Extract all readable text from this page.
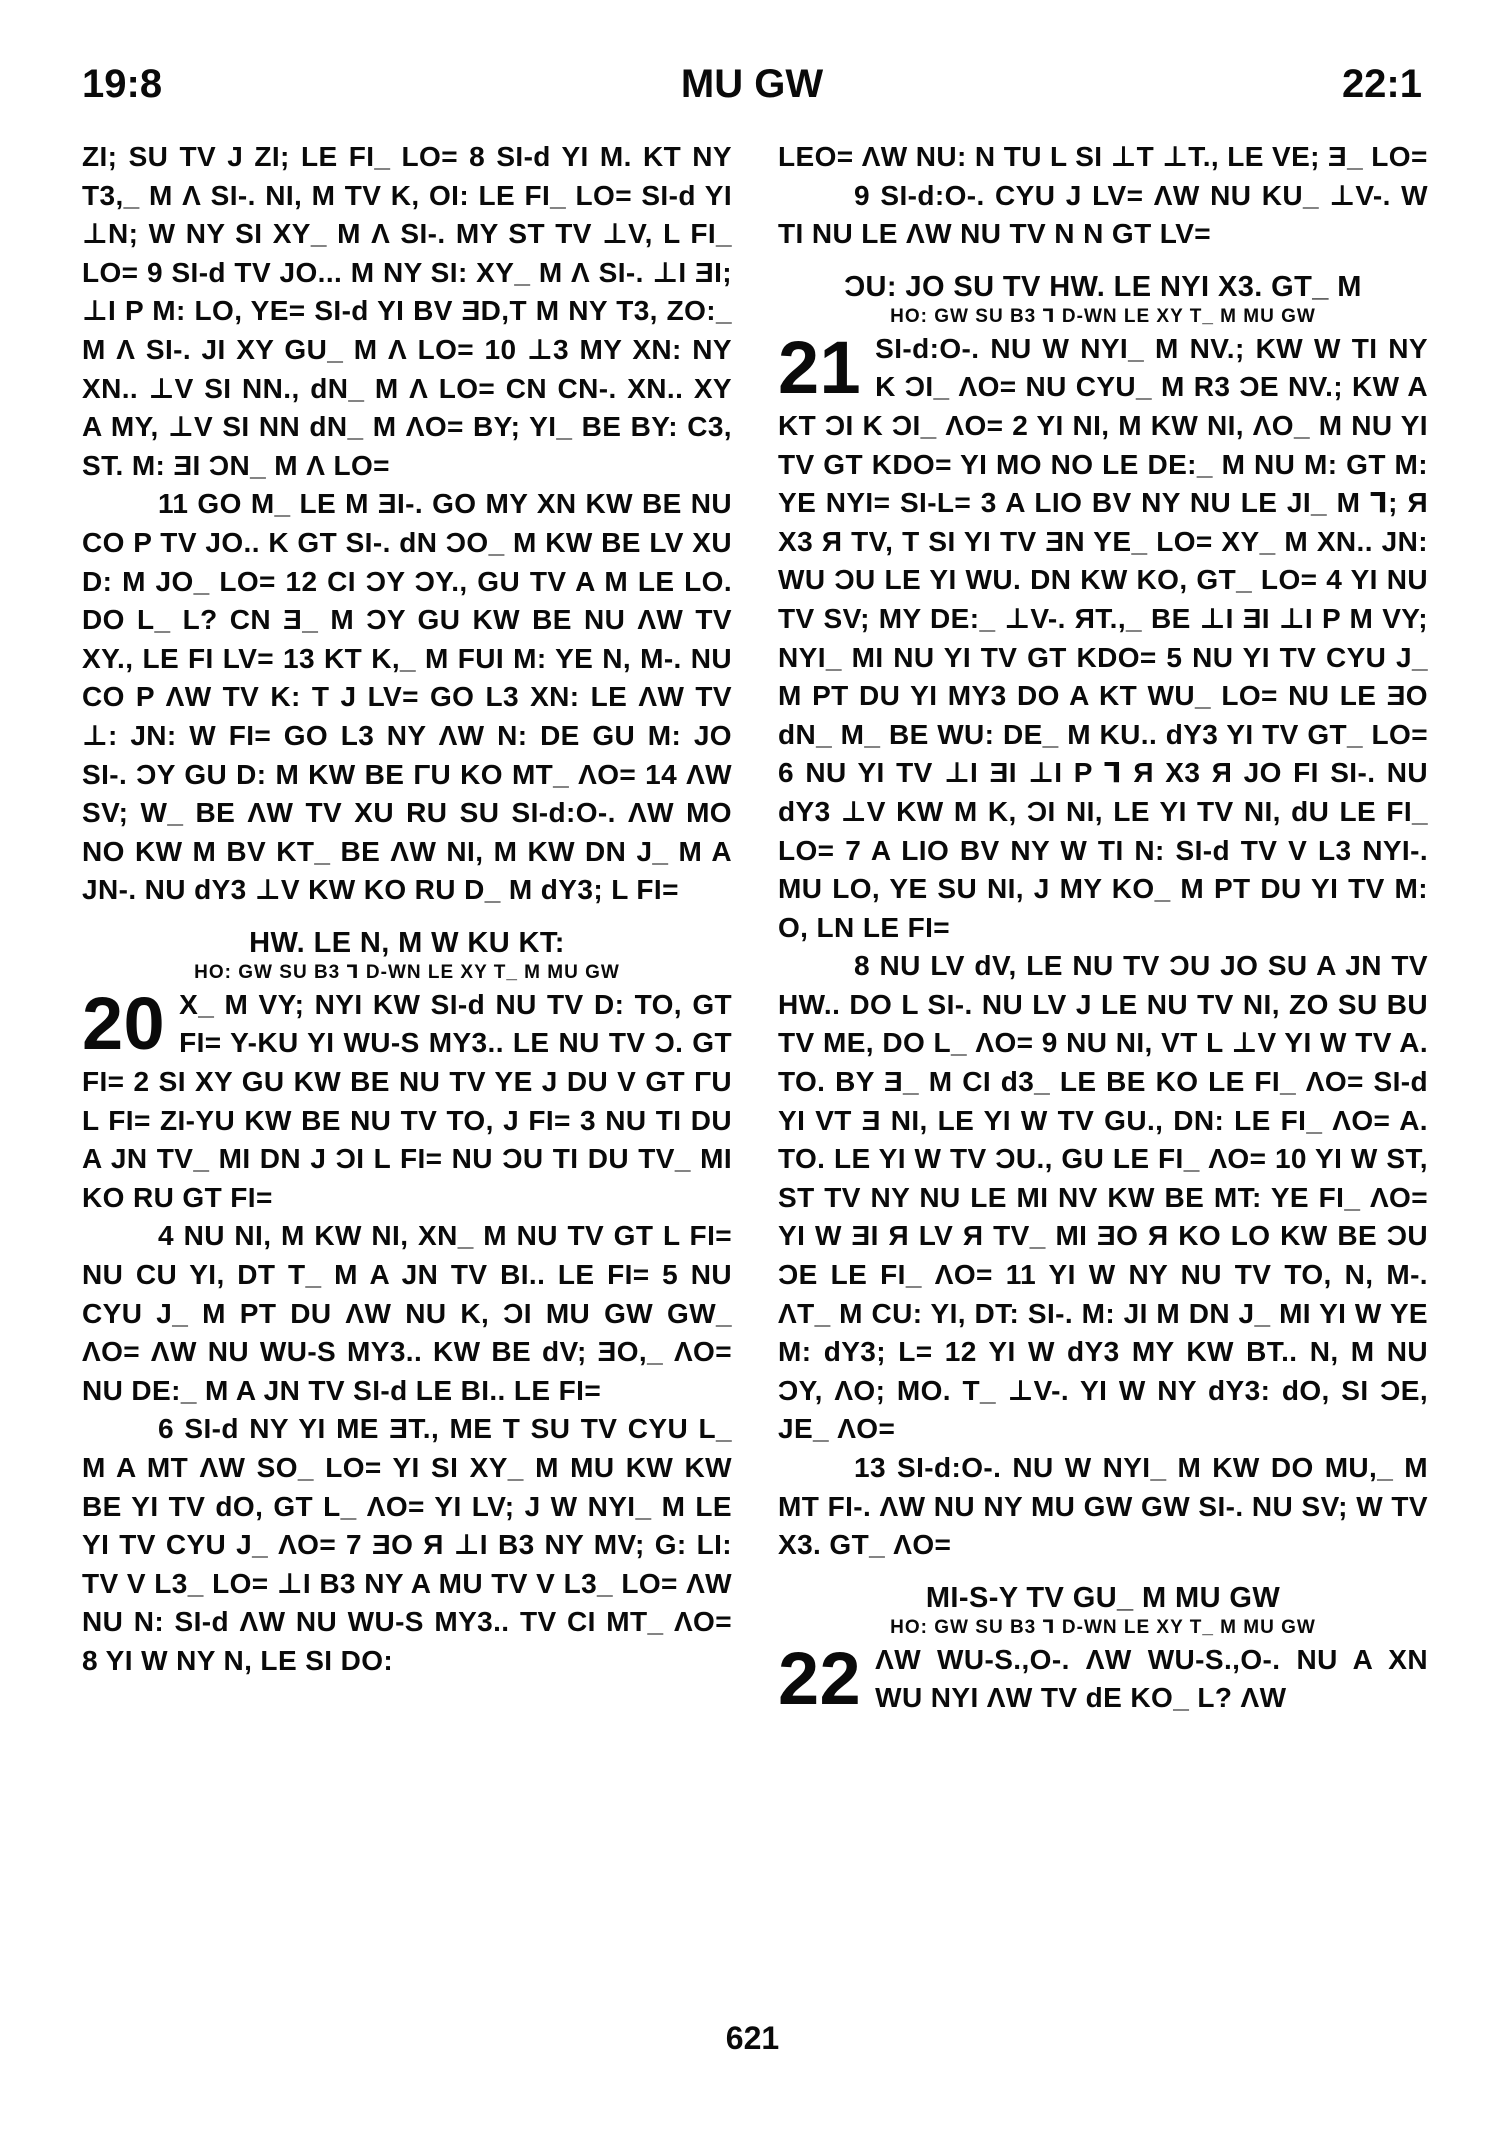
19:8	MU GW	22:1

ZI; SU TV J ZI; LE FI_ LO= 8 SI-d YI M. KT NY T3,_ M Λ SI-. NI, M TV K, OI: LE FI_ LO= SI-d YI ⊥N; W NY SI XY_ M Λ SI-. MY ST TV ⊥V, L FI_ LO= 9 SI-d TV JO... M NY SI: XY_ M Λ SI-. ⊥I ƎI; ⊥I P M: LO, YE= SI-d YI BV ƎD,T M NY T3, ZO:_ M Λ SI-. JI XY GU_ M Λ LO= 10 ⊥3 MY XN: NY XN.. ⊥V SI NN., dN_ M Λ LO= CN CN-. XN.. XY A MY, ⊥V SI NN dN_ M ΛO= BY; YI_ BE BY: C3, ST. M: ƎI ƆN_ M Λ LO=

11 GO M_ LE M ƎI-. GO MY XN KW BE NU CO P TV JO.. K GT SI-. dN ƆO_ M KW BE LV XU D: M JO_ LO= 12 CI ƆY ƆY., GU TV A M LE LO. DO L_ L? CN Ǝ_ M ƆY GU KW BE NU ΛW TV XY., LE FI LV= 13 KT K,_ M FUI M: YE N, M-. NU CO P ΛW TV K: T J LV= GO L3 XN: LE ΛW TV ⊥: JN: W FI= GO L3 NY ΛW N: DE GU M: JO SI-. ƆY GU D: M KW BE ΓU KO MT_ ΛO= 14 ΛW SV; W_ BE ΛW TV XU RU SU SI-d:O-. ΛW MO NO KW M BV KT_ BE ΛW NI, M KW DN J_ M A JN-. NU dY3 ⊥V KW KO RU D_ M dY3; L FI=

HW. LE N, M W KU KT:
HO: GW SU B3 Ꞁ D-WN LE XY T_ M MU GW
20 X_ M VY; NYI KW SI-d NU TV D: TO, GT FI= Y-KU YI WU-S MY3.. LE NU TV Ɔ. GT FI= 2 SI XY GU KW BE NU TV YE J DU V GT ΓU L FI= ZI-YU KW BE NU TV TO, J FI= 3 NU TI DU A JN TV_ MI DN J ƆI L FI= NU ƆU TI DU TV_ MI KO RU GT FI=

4 NU NI, M KW NI, XN_ M NU TV GT L FI= NU CU YI, DT T_ M A JN TV BI.. LE FI= 5 NU CYU J_ M PT DU ΛW NU K, ƆI MU GW GW_ ΛO= ΛW NU WU-S MY3.. KW BE dV; ƎO,_ ΛO= NU DE:_ M A JN TV SI-d LE BI.. LE FI=

6 SI-d NY YI ME ƎT., ME T SU TV CYU L_ M A MT ΛW SO_ LO= YI SI XY_ M MU KW KW BE YI TV dO, GT L_ ΛO= YI LV; J W NYI_ M LE YI TV CYU J_ ΛO= 7 ƎO Я ⊥I B3 NY MV; G: LI: TV V L3_ LO= ⊥I B3 NY A MU TV V L3_ LO= ΛW NU N: SI-d ΛW NU WU-S MY3.. TV CI MT_ ΛO= 8 YI W NY N, LE SI DO:

LEO= ΛW NU: N TU L SI ⊥T ⊥T., LE VE; Ǝ_ LO=

9 SI-d:O-. CYU J LV= ΛW NU KU_ ⊥V-. W TI NU LE ΛW NU TV N N GT LV=

ƆU: JO SU TV HW. LE NYI X3. GT_ M
HO: GW SU B3 Ꞁ D-WN LE XY T_ M MU GW
21 SI-d:O-. NU W NYI_ M NV.; KW W TI NY K ƆI_ ΛO= NU CYU_ M R3 ƆE NV.; KW A KT ƆI K ƆI_ ΛO= 2 YI NI, M KW NI, ΛO_ M NU YI TV GT KDO= YI MO NO LE DE:_ M NU M: GT M: YE NYI= SI-L= 3 A LIO BV NY NU LE JI_ M Ꞁ; Я X3 Я TV, T SI YI TV ƎN YE_ LO= XY_ M XN.. JN: WU ƆU LE YI WU. DN KW KO, GT_ LO= 4 YI NU TV SV; MY DE:_ ⊥V-. ЯT.,_ BE ⊥I ƎI ⊥I P M VY; NYI_ MI NU YI TV GT KDO= 5 NU YI TV CYU J_ M PT DU YI MY3 DO A KT WU_ LO= NU LE ƎO dN_ M_ BE WU: DE_ M KU.. dY3 YI TV GT_ LO= 6 NU YI TV ⊥I ƎI ⊥I P Ꞁ Я X3 Я JO FI SI-. NU dY3 ⊥V KW M K, ƆI NI, LE YI TV NI, dU LE FI_ LO= 7 A LIO BV NY W TI N: SI-d TV V L3 NYI-. MU LO, YE SU NI, J MY KO_ M PT DU YI TV M: O, LN LE FI=

8 NU LV dV, LE NU TV ƆU JO SU A JN TV HW.. DO L SI-. NU LV J LE NU TV NI, ZO SU BU TV ME, DO L_ ΛO= 9 NU NI, VT L ⊥V YI W TV A. TO. BY Ǝ_ M CI d3_ LE BE KO LE FI_ ΛO= SI-d YI VT Ǝ NI, LE YI W TV GU., DN: LE FI_ ΛO= A. TO. LE YI W TV ƆU., GU LE FI_ ΛO= 10 YI W ST, ST TV NY NU LE MI NV KW BE MT: YE FI_ ΛO= YI W ƎI Я LV Я TV_ MI ƎO Я KO LO KW BE ƆU ƆE LE FI_ ΛO= 11 YI W NY NU TV TO, N, M-. ΛT_ M CU: YI, DT: SI-. M: JI M DN J_ MI YI W YE M: dY3; L= 12 YI W dY3 MY KW BT.. N, M NU ƆY, ΛO; MO. T_ ⊥V-. YI W NY dY3: dO, SI ƆE, JE_ ΛO=

13 SI-d:O-. NU W NYI_ M KW DO MU,_ M MT FI-. ΛW NU NY MU GW GW SI-. NU SV; W TV X3. GT_ ΛO=

MI-S-Y TV GU_ M MU GW
HO: GW SU B3 Ꞁ D-WN LE XY T_ M MU GW
22 ΛW WU-S.,O-. ΛW WU-S.,O-. NU A XN WU NYI ΛW TV dE KO_ L? ΛW

621
